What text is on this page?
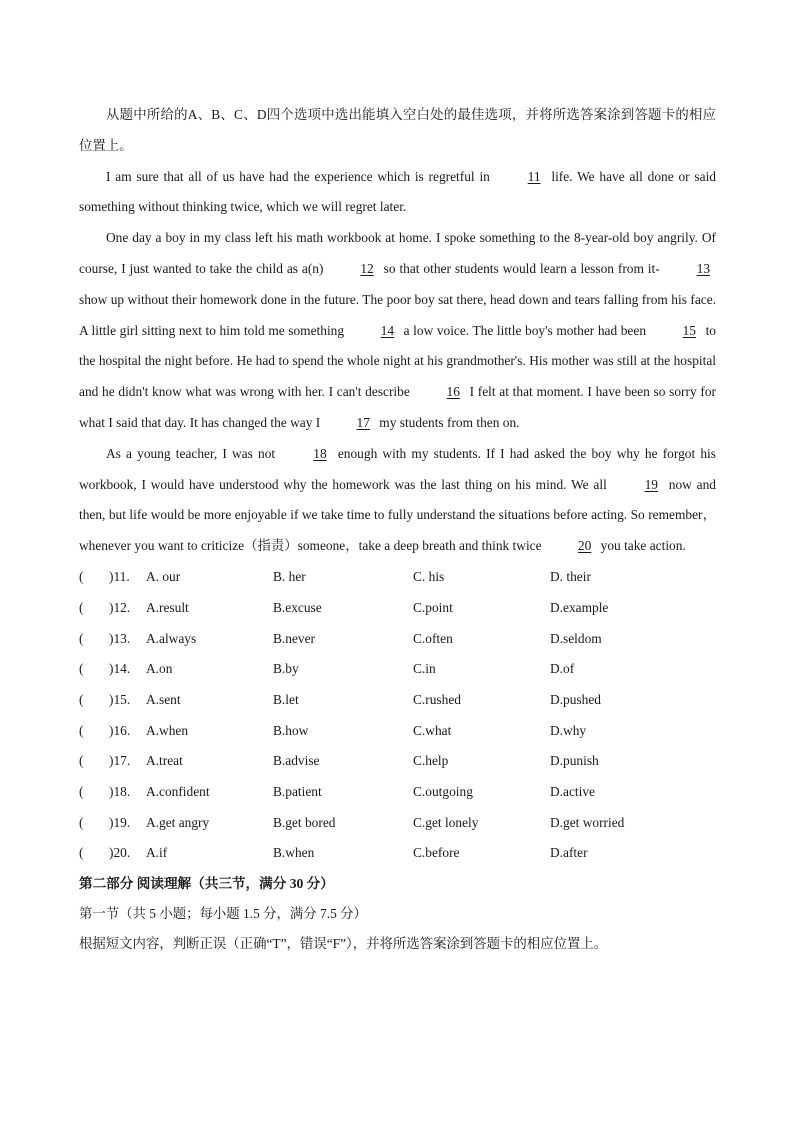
从题中所给的A、B、C、D四个选项中选出能填入空白处的最佳选项，并将所选答案涂到答题卡的相应位置上。

I am sure that all of us have had the experience which is regretful in 11 life. We have all done or said something without thinking twice, which we will regret later.

One day a boy in my class left his math workbook at home. I spoke something to the 8-year-old boy angrily. Of course, I just wanted to take the child as a(n) 12 so that other students would learn a lesson from it- 13 show up without their homework done in the future. The poor boy sat there, head down and tears falling from his face. A little girl sitting next to him told me something 14 a low voice. The little boy's mother had been 15 to the hospital the night before. He had to spend the whole night at his grandmother's. His mother was still at the hospital and he didn't know what was wrong with her. I can't describe 16 I felt at that moment. I have been so sorry for what I said that day. It has changed the way I 17 my students from then on.

As a young teacher, I was not 18 enough with my students. If I had asked the boy why he forgot his workbook, I would have understood why the homework was the last thing on his mind. We all 19 now and then, but life would be more enjoyable if we take time to fully understand the situations before acting. So remember，whenever you want to criticize（指责）someone，take a deep breath and think twice 20 you take action.

(	)11.	A. our	B. her	C. his	D. their
(	)12.	A.result	B.excuse	C.point	D.example
(	)13.	A.always	B.never	C.often	D.seldom
(	)14.	A.on	B.by	C.in	D.of
(	)15.	A.sent	B.let	C.rushed	D.pushed
(	)16.	A.when	B.how	C.what	D.why
(	)17.	A.treat	B.advise	C.help	D.punish
(	)18.	A.confident	B.patient	C.outgoing	D.active
(	)19.	A.get angry	B.get bored	C.get lonely	D.get worried
(	)20.	A.if	B.when	C.before	D.after

第二部分 阅读理解（共三节，满分 30 分）

第一节（共 5 小题；每小题 1.5 分，满分 7.5 分）

根据短文内容，判断正误（正确“T”，错误“F”），并将所选答案涂到答题卡的相应位置上。
